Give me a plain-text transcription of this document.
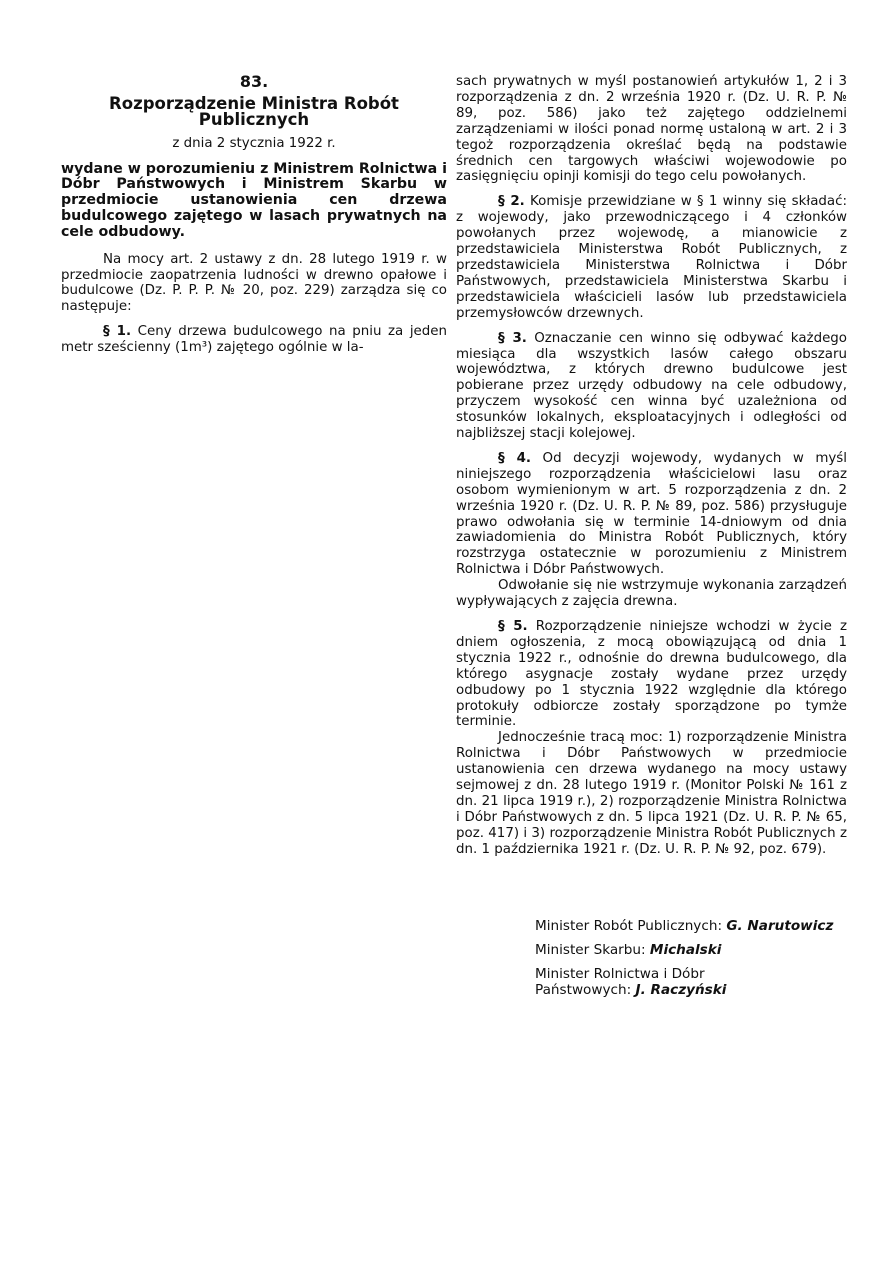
83.
Rozporządzenie Ministra Robót Publicznych
z dnia 2 stycznia 1922 r.

wydane w porozumieniu z Ministrem Rolnictwa i Dóbr Państwowych i Ministrem Skarbu w przedmiocie ustanowienia cen drzewa budulcowego zajętego w lasach prywatnych na cele odbudowy.

Na mocy art. 2 ustawy z dn. 28 lutego 1919 r. w przedmiocie zaopatrzenia ludności w drewno opałowe i budulcowe (Dz. P. P. P. № 20, poz. 229) zarządza się co następuje:

§ 1. Ceny drzewa budulcowego na pniu za jeden metr sześcienny (1m³) zajętego ogólnie w la-

sach prywatnych w myśl postanowień artykułów 1, 2 i 3 rozporządzenia z dn. 2 września 1920 r. (Dz. U. R. P. № 89, poz. 586) jako też zajętego oddzielnemi zarządzeniami w ilości ponad normę ustaloną w art. 2 i 3 tegoż rozporządzenia określać będą na podstawie średnich cen targowych właściwi wojewodowie po zasięgnięciu opinji komisji do tego celu powołanych.

§ 2. Komisje przewidziane w § 1 winny się składać: z wojewody, jako przewodniczącego i 4 członków powołanych przez wojewodę, a mianowicie z przedstawiciela Ministerstwa Robót Publicznych, z przedstawiciela Ministerstwa Rolnictwa i Dóbr Państwowych, przedstawiciela Ministerstwa Skarbu i przedstawiciela właścicieli lasów lub przedstawiciela przemysłowców drzewnych.

§ 3. Oznaczanie cen winno się odbywać każdego miesiąca dla wszystkich lasów całego obszaru województwa, z których drewno budulcowe jest pobierane przez urzędy odbudowy na cele odbudowy, przyczem wysokość cen winna być uzależniona od stosunków lokalnych, eksploatacyjnych i odległości od najbliższej stacji kolejowej.

§ 4. Od decyzji wojewody, wydanych w myśl niniejszego rozporządzenia właścicielowi lasu oraz osobom wymienionym w art. 5 rozporządzenia z dn. 2 września 1920 r. (Dz. U. R. P. № 89, poz. 586) przysługuje prawo odwołania się w terminie 14-dniowym od dnia zawiadomienia do Ministra Robót Publicznych, który rozstrzyga ostatecznie w porozumieniu z Ministrem Rolnictwa i Dóbr Państwowych.

Odwołanie się nie wstrzymuje wykonania zarządzeń wypływających z zajęcia drewna.

§ 5. Rozporządzenie niniejsze wchodzi w życie z dniem ogłoszenia, z mocą obowiązującą od dnia 1 stycznia 1922 r., odnośnie do drewna budulcowego, dla którego asygnacje zostały wydane przez urzędy odbudowy po 1 stycznia 1922 względnie dla którego protokuły odbiorcze zostały sporządzone po tymże terminie.

Jednocześnie tracą moc: 1) rozporządzenie Ministra Rolnictwa i Dóbr Państwowych w przedmiocie ustanowienia cen drzewa wydanego na mocy ustawy sejmowej z dn. 28 lutego 1919 r. (Monitor Polski № 161 z dn. 21 lipca 1919 r.), 2) rozporządzenie Ministra Rolnictwa i Dóbr Państwowych z dn. 5 lipca 1921 (Dz. U. R. P. № 65, poz. 417) i 3) rozporządzenie Ministra Robót Publicznych z dn. 1 października 1921 r. (Dz. U. R. P. № 92, poz. 679).

Minister Robót Publicznych: G. Narutowicz
Minister Skarbu: Michalski
Minister Rolnictwa i Dóbr Państwowych: J. Raczyński
